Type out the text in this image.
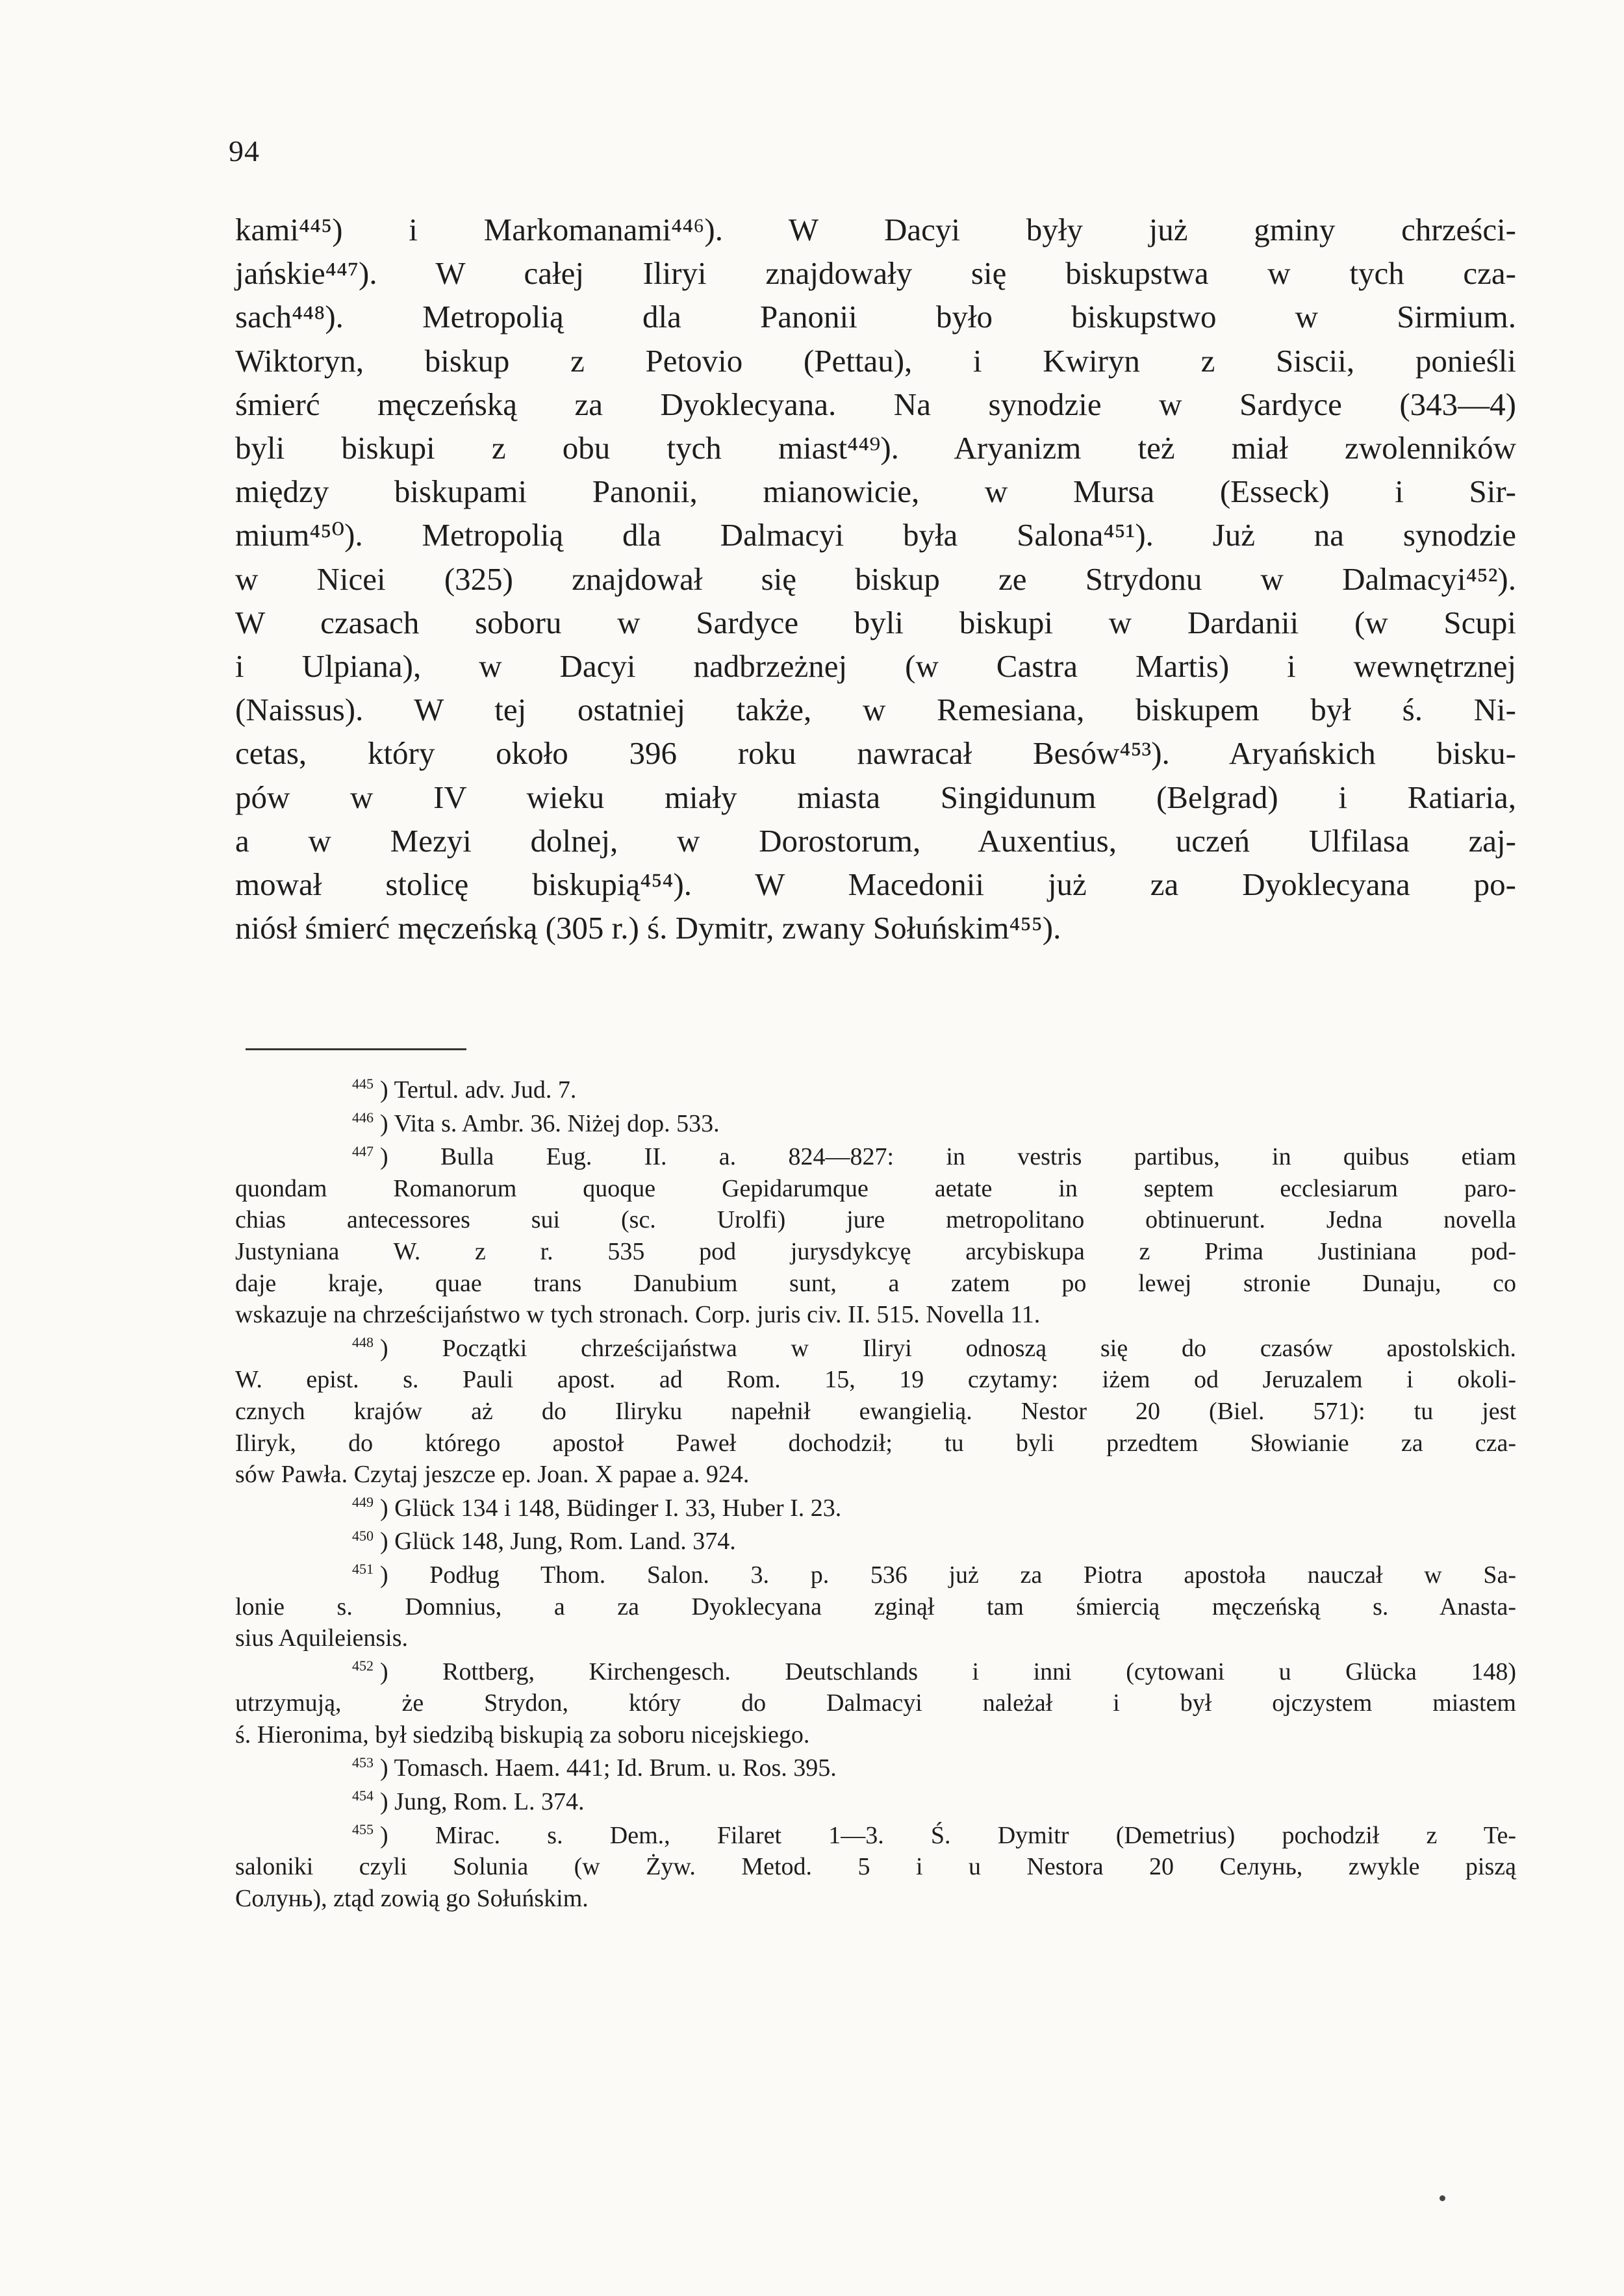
94
kami⁴⁴⁵) i Markomanami⁴⁴⁶). W Dacyi były już gminy chrześci-
jańskie⁴⁴⁷). W całej Iliryi znajdowały się biskupstwa w tych cza-
sach⁴⁴⁸). Metropolią dla Panonii było biskupstwo w Sirmium.
Wiktoryn, biskup z Petovio (Pettau), i Kwiryn z Siscii, ponieśli
śmierć męczeńską za Dyoklecyana. Na synodzie w Sardyce (343—4)
byli biskupi z obu tych miast⁴⁴⁹). Aryanizm też miał zwolenników
między biskupami Panonii, mianowicie, w Mursa (Esseck) i Sir-
mium⁴⁵⁰). Metropolią dla Dalmacyi była Salona⁴⁵¹). Już na synodzie
w Nicei (325) znajdował się biskup ze Strydonu w Dalmacyi⁴⁵²).
W czasach soboru w Sardyce byli biskupi w Dardanii (w Scupi
i Ulpiana), w Dacyi nadbrzeżnej (w Castra Martis) i wewnętrznej
(Naissus). W tej ostatniej także, w Remesiana, biskupem był ś. Ni-
cetas, który około 396 roku nawracał Besów⁴⁵³). Aryańskich bisku-
pów w IV wieku miały miasta Singidunum (Belgrad) i Ratiaria,
a w Mezyi dolnej, w Dorostorum, Auxentius, uczeń Ulfilasa zaj-
mował stolicę biskupią⁴⁵⁴). W Macedonii już za Dyoklecyana po-
niósł śmierć męczeńską (305 r.) ś. Dymitr, zwany Sołuńskim⁴⁵⁵).
$^{445}$ ) Tertul. adv. Jud. 7.
$^{446}$ ) Vita s. Ambr. 36. Niżej dop. 533.
$^{447}$ ) Bulla Eug. II. a. 824—827: in vestris partibus, in quibus etiam
quondam Romanorum quoque Gepidarumque aetate in septem ecclesiarum paro-
chias antecessores sui (sc. Urolfi) jure metropolitano obtinuerunt. Jedna novella
Justyniana W. z r. 535 pod jurysdykcyę arcybiskupa z Prima Justiniana pod-
daje kraje, quae trans Danubium sunt, a zatem po lewej stronie Dunaju, co
wskazuje na chrześcijaństwo w tych stronach. Corp. juris civ. II. 515. Novella 11.
$^{448}$ ) Początki chrześcijaństwa w Iliryi odnoszą się do czasów apostolskich.
W. epist. s. Pauli apost. ad Rom. 15, 19 czytamy: iżem od Jeruzalem i okoli-
cznych krajów aż do Iliryku napełnił ewangielią. Nestor 20 (Biel. 571): tu jest
Iliryk, do którego apostoł Paweł dochodził; tu byli przedtem Słowianie za cza-
sów Pawła. Czytaj jeszcze ep. Joan. X papae a. 924.
$^{449}$ ) Glück 134 i 148, Büdinger I. 33, Huber I. 23.
$^{450}$ ) Glück 148, Jung, Rom. Land. 374.
$^{451}$ ) Podług Thom. Salon. 3. p. 536 już za Piotra apostoła nauczał w Sa-
lonie s. Domnius, a za Dyoklecyana zginął tam śmiercią męczeńską s. Anasta-
sius Aquileiensis.
$^{452}$ ) Rottberg, Kirchengesch. Deutschlands i inni (cytowani u Glücka 148)
utrzymują, że Strydon, który do Dalmacyi należał i był ojczystem miastem
ś. Hieronima, był siedzibą biskupią za soboru nicejskiego.
$^{453}$ ) Tomasch. Haem. 441; Id. Brum. u. Ros. 395.
$^{454}$ ) Jung, Rom. L. 374.
$^{455}$ ) Mirac. s. Dem., Filaret 1—3. Ś. Dymitr (Demetrius) pochodził z Te-
saloniki czyli Solunia (w Żyw. Metod. 5 i u Nestora 20 Селунь, zwykle piszą
Солунь), ztąd zowią go Sołuńskim.
